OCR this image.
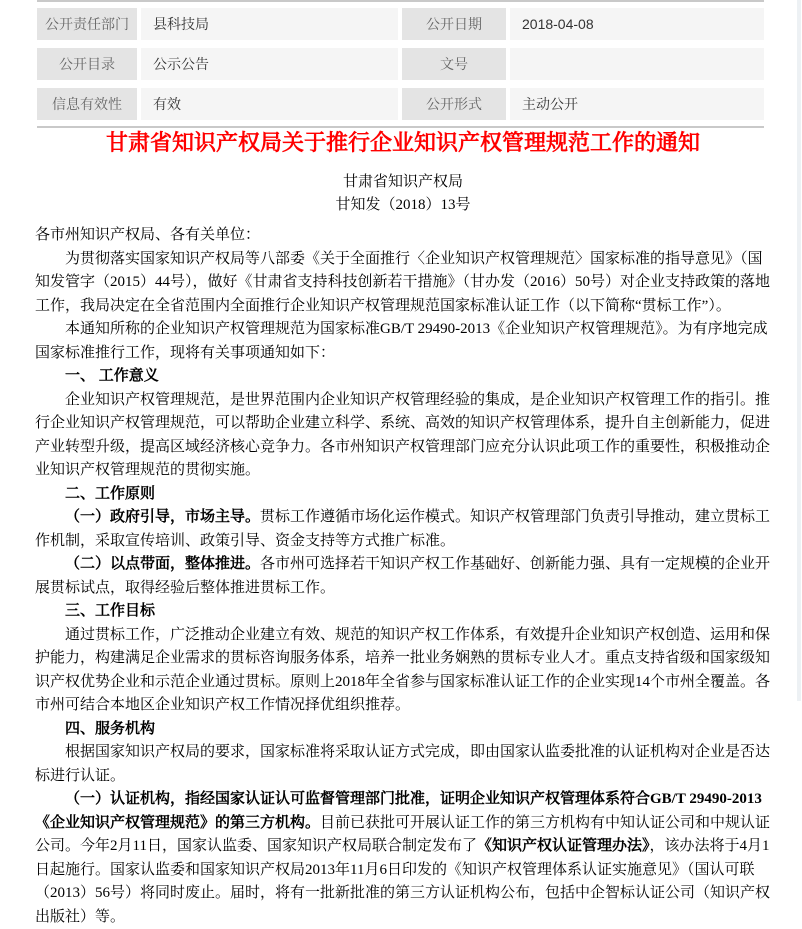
公开责任部门	县科技局	公开日期	2018-04-08
公开目录	公示公告	文号
信息有效性	有效	公开形式	主动公开
甘肃省知识产权局关于推行企业知识产权管理规范工作的通知
甘肃省知识产权局
甘知发（2018）13号

各市州知识产权局、各有关单位：

为贯彻落实国家知识产权局等八部委《关于全面推行〈企业知识产权管理规范〉国家标准的指导意见》（国知发管字（2015）44号），做好《甘肃省支持科技创新若干措施》（甘办发（2016）50号）对企业支持政策的落地工作，我局决定在全省范围内全面推行企业知识产权管理规范国家标准认证工作（以下简称“贯标工作”）。

本通知所称的企业知识产权管理规范为国家标准GB/T 29490-2013《企业知识产权管理规范》。为有序地完成国家标准推行工作，现将有关事项通知如下：

一、 工作意义

企业知识产权管理规范，是世界范围内企业知识产权管理经验的集成，是企业知识产权管理工作的指引。推行企业知识产权管理规范，可以帮助企业建立科学、系统、高效的知识产权管理体系，提升自主创新能力，促进产业转型升级，提高区域经济核心竞争力。各市州知识产权管理部门应充分认识此项工作的重要性，积极推动企业知识产权管理规范的贯彻实施。

二、工作原则

（一）政府引导，市场主导。贯标工作遵循市场化运作模式。知识产权管理部门负责引导推动，建立贯标工作机制，采取宣传培训、政策引导、资金支持等方式推广标准。

（二）以点带面，整体推进。各市州可选择若干知识产权工作基础好、创新能力强、具有一定规模的企业开展贯标试点，取得经验后整体推进贯标工作。

三、工作目标

通过贯标工作，广泛推动企业建立有效、规范的知识产权工作体系，有效提升企业知识产权创造、运用和保护能力，构建满足企业需求的贯标咨询服务体系，培养一批业务娴熟的贯标专业人才。重点支持省级和国家级知识产权优势企业和示范企业通过贯标。原则上2018年全省参与国家标准认证工作的企业实现14个市州全覆盖。各市州可结合本地区企业知识产权工作情况择优组织推荐。

四、服务机构

根据国家知识产权局的要求，国家标准将采取认证方式完成，即由国家认监委批准的认证机构对企业是否达标进行认证。

（一）认证机构，指经国家认证认可监督管理部门批准，证明企业知识产权管理体系符合GB/T 29490-2013《企业知识产权管理规范》的第三方机构。目前已获批可开展认证工作的第三方机构有中知认证公司和中规认证公司。今年2月11日，国家认监委、国家知识产权局联合制定发布了《知识产权认证管理办法》，该办法将于4月1日起施行。国家认监委和国家知识产权局2013年11月6日印发的《知识产权管理体系认证实施意见》（国认可联（2013）56号）将同时废止。届时，将有一批新批准的第三方认证机构公布，包括中企智标认证公司（知识产权出版社）等。
